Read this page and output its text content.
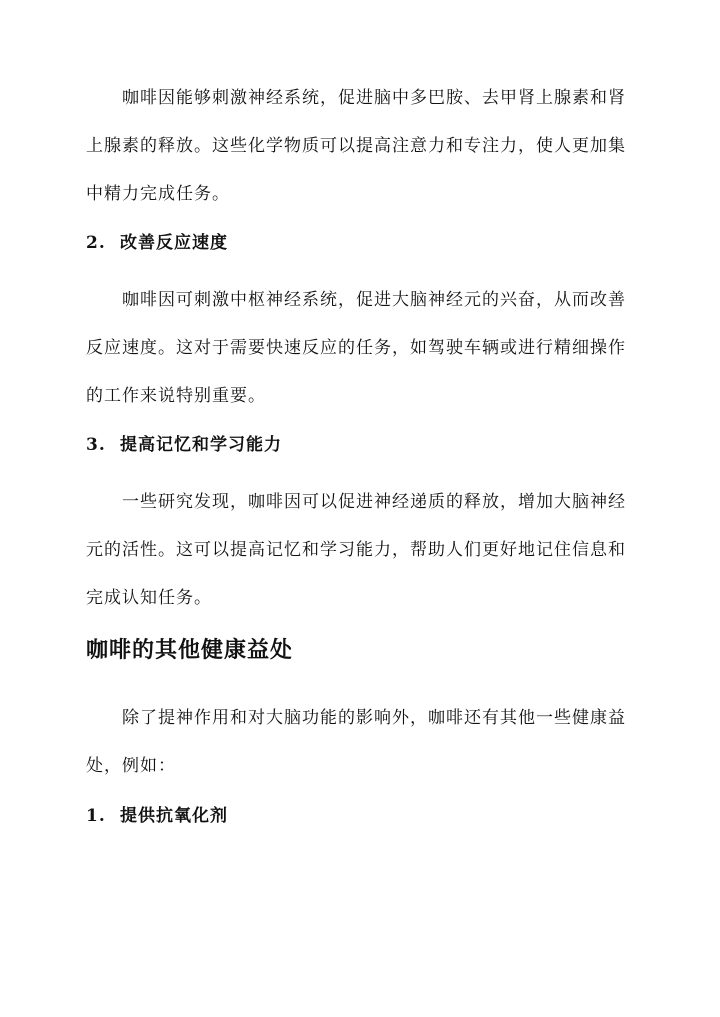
咖啡因能够刺激神经系统，促进脑中多巴胺、去甲肾上腺素和肾上腺素的释放。这些化学物质可以提高注意力和专注力，使人更加集中精力完成任务。

2. 改善反应速度

咖啡因可刺激中枢神经系统，促进大脑神经元的兴奋，从而改善反应速度。这对于需要快速反应的任务，如驾驶车辆或进行精细操作的工作来说特别重要。

3. 提高记忆和学习能力

一些研究发现，咖啡因可以促进神经递质的释放，增加大脑神经元的活性。这可以提高记忆和学习能力，帮助人们更好地记住信息和完成认知任务。

咖啡的其他健康益处

除了提神作用和对大脑功能的影响外，咖啡还有其他一些健康益处，例如：

1. 提供抗氧化剂
